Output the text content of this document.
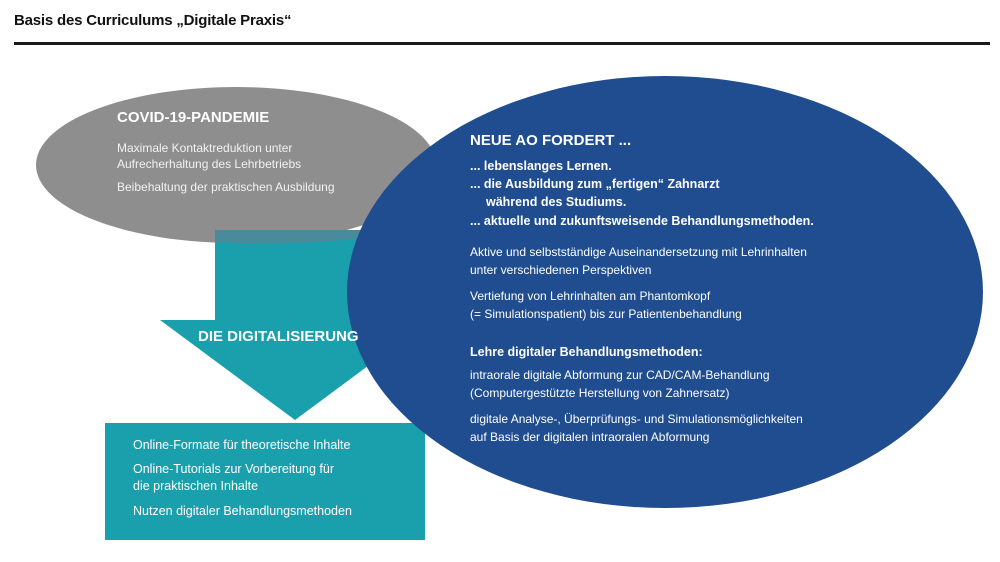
Basis des Curriculums „Digitale Praxis“
COVID-19-PANDEMIE
Maximale Kontaktreduktion unter
Aufrecherhaltung des Lehrbetriebs
Beibehaltung der praktischen Ausbildung
DIE DIGITALISIERUNG
Online-Formate für theoretische Inhalte
Online-Tutorials zur Vorbereitung für
die praktischen Inhalte
Nutzen digitaler Behandlungsmethoden
NEUE AO FORDERT ...
... lebenslanges Lernen.
... die Ausbildung zum „fertigen“ Zahnarzt
während des Studiums.
... aktuelle und zukunftsweisende Behandlungsmethoden.
Aktive und selbstständige Auseinandersetzung mit Lehrinhalten
unter verschiedenen Perspektiven
Vertiefung von Lehrinhalten am Phantomkopf
(= Simulationspatient) bis zur Patientenbehandlung
Lehre digitaler Behandlungsmethoden:
intraorale digitale Abformung zur CAD/CAM-Behandlung
(Computergestützte Herstellung von Zahnersatz)
digitale Analyse-, Überprüfungs- und Simulationsmöglichkeiten
auf Basis der digitalen intraoralen Abformung
